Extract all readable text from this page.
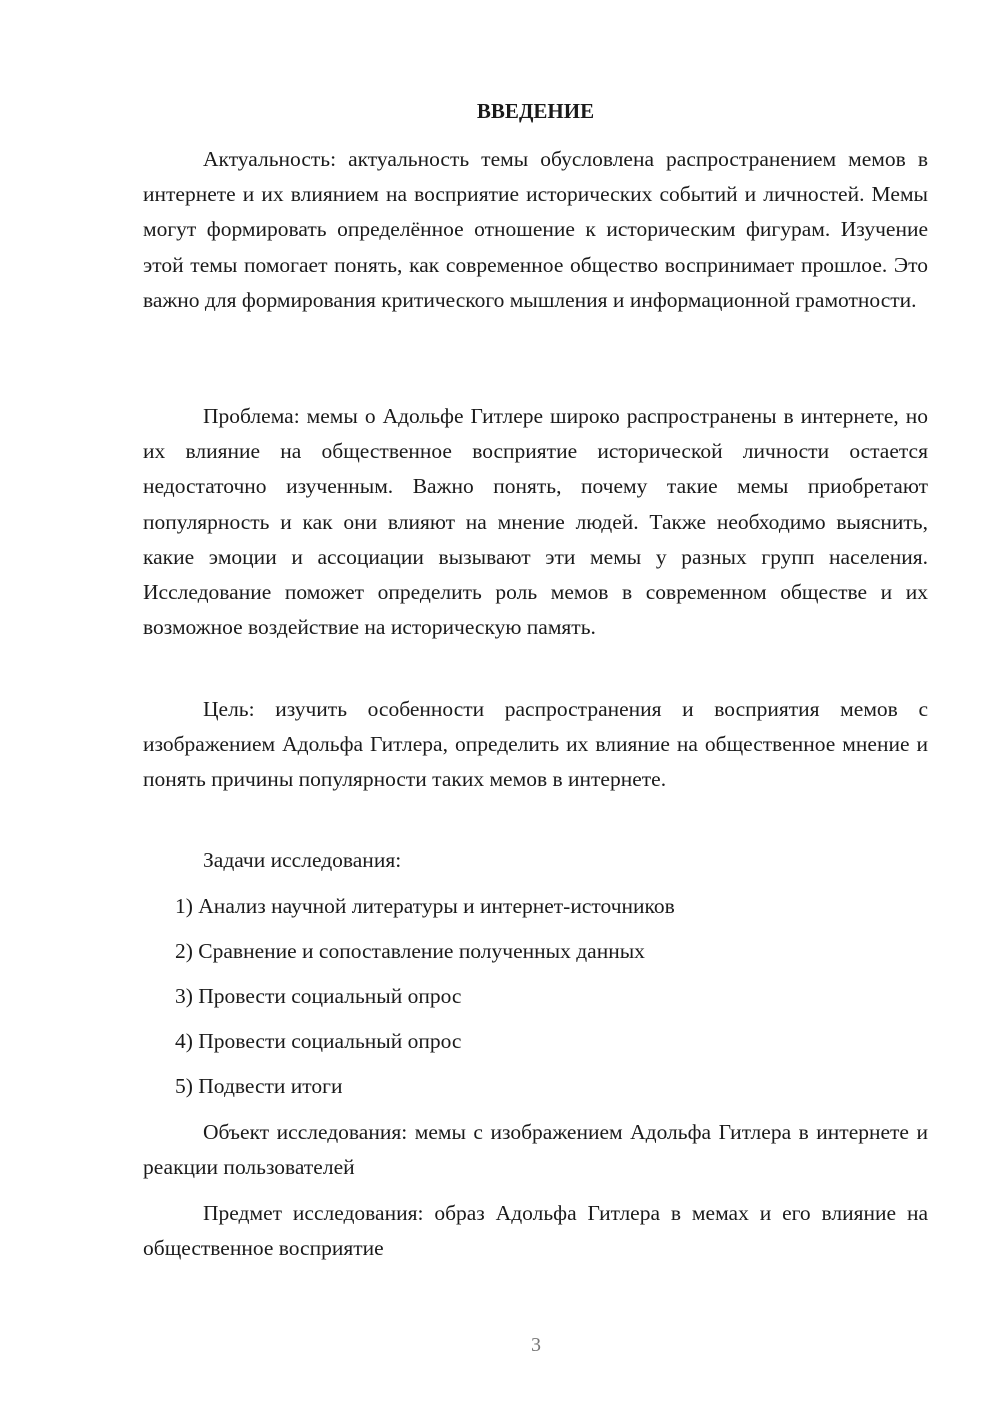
ВВЕДЕНИЕ

Актуальность: актуальность темы обусловлена распространением мемов в интернете и их влиянием на восприятие исторических событий и личностей. Мемы могут формировать определённое отношение к историческим фигурам. Изучение этой темы помогает понять, как современное общество воспринимает прошлое. Это важно для формирования критического мышления и информационной грамотности.

Проблема: мемы о Адольфе Гитлере широко распространены в интернете, но их влияние на общественное восприятие исторической личности остается недостаточно изученным. Важно понять, почему такие мемы приобретают популярность и как они влияют на мнение людей. Также необходимо выяснить, какие эмоции и ассоциации вызывают эти мемы у разных групп населения. Исследование поможет определить роль мемов в современном обществе и их возможное воздействие на историческую память.

Цель: изучить особенности распространения и восприятия мемов с изображением Адольфа Гитлера, определить их влияние на общественное мнение и понять причины популярности таких мемов в интернете.

Задачи исследования:

1) Анализ научной литературы и интернет-источников

2) Сравнение и сопоставление полученных данных

3) Провести социальный опрос

4) Провести социальный опрос

5) Подвести итоги

Объект исследования: мемы с изображением Адольфа Гитлера в интернете и реакции пользователей

Предмет исследования: образ Адольфа Гитлера в мемах и его влияние на общественное восприятие

3
